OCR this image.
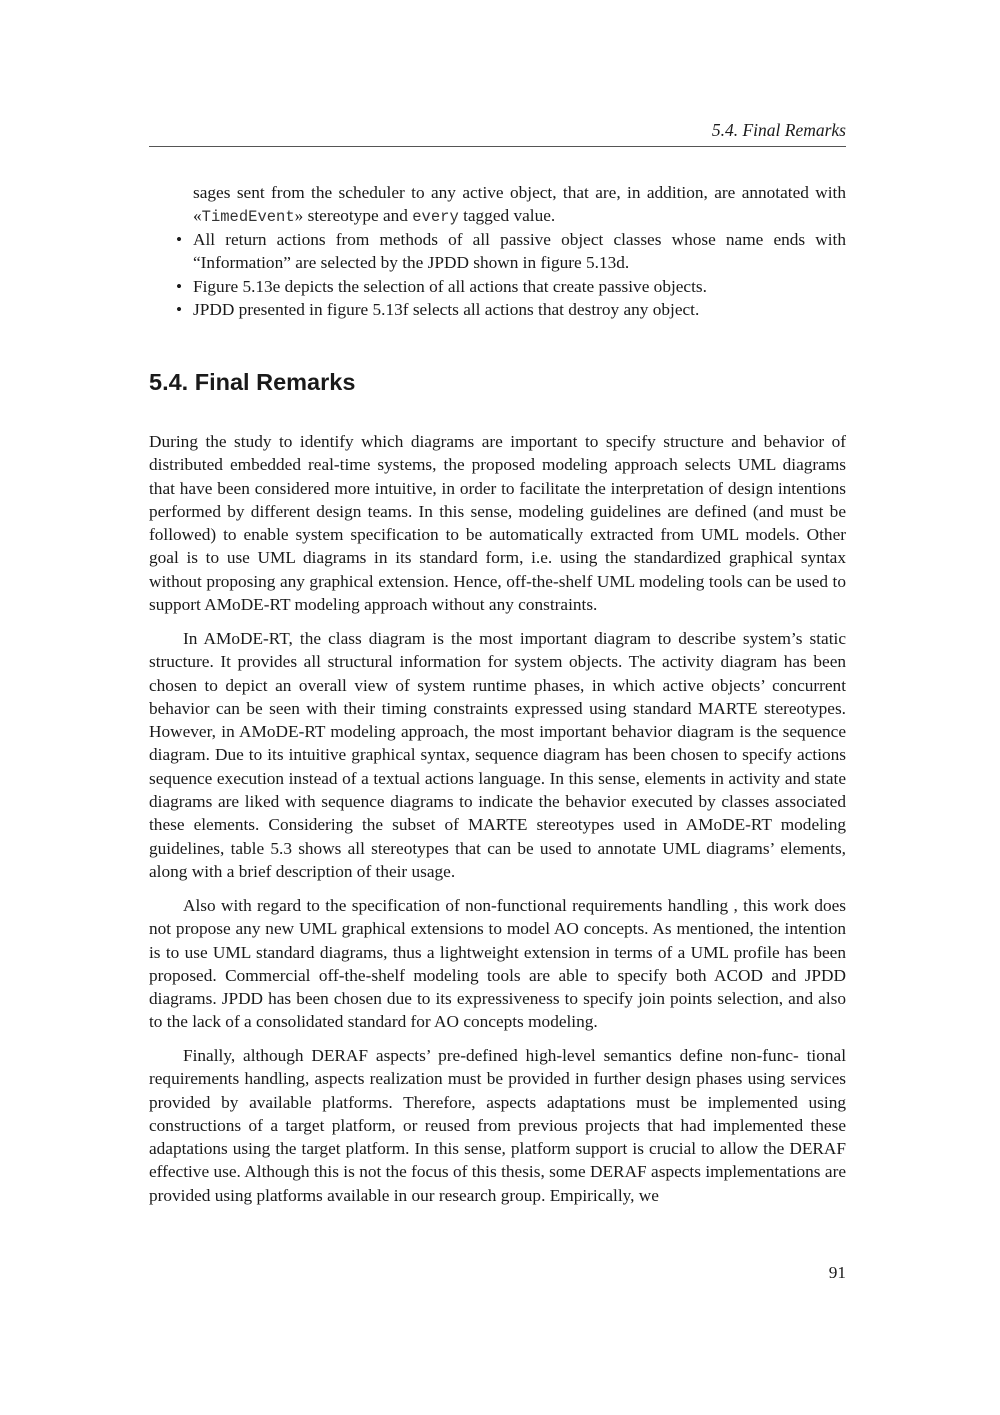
5.4. Final Remarks
sages sent from the scheduler to any active object, that are, in addition, are annotated with «TimedEvent» stereotype and every tagged value.
• All return actions from methods of all passive object classes whose name ends with “Information” are selected by the JPDD shown in figure 5.13d.
• Figure 5.13e depicts the selection of all actions that create passive objects.
• JPDD presented in figure 5.13f selects all actions that destroy any object.
5.4. Final Remarks

During the study to identify which diagrams are important to specify structure and behavior of distributed embedded real-time systems, the proposed modeling approach selects UML diagrams that have been considered more intuitive, in order to facilitate the interpretation of design intentions performed by different design teams. In this sense, modeling guidelines are defined (and must be followed) to enable system specification to be automatically extracted from UML models. Other goal is to use UML diagrams in its standard form, i.e. using the standardized graphical syntax without proposing any graphical extension. Hence, off-the-shelf UML modeling tools can be used to support AMoDE-RT modeling approach without any constraints.

In AMoDE-RT, the class diagram is the most important diagram to describe system’s static structure. It provides all structural information for system objects. The activity diagram has been chosen to depict an overall view of system runtime phases, in which active objects’ concurrent behavior can be seen with their timing constraints expressed using standard MARTE stereotypes. However, in AMoDE-RT modeling approach, the most important behavior diagram is the sequence diagram. Due to its intuitive graphical syntax, sequence diagram has been chosen to specify actions sequence execution instead of a textual actions language. In this sense, elements in activity and state diagrams are liked with sequence diagrams to indicate the behavior executed by classes associated these elements. Considering the subset of MARTE stereotypes used in AMoDE-RT modeling guidelines, table 5.3 shows all stereotypes that can be used to annotate UML diagrams’ elements, along with a brief description of their usage.

Also with regard to the specification of non-functional requirements handling , this work does not propose any new UML graphical extensions to model AO concepts. As mentioned, the intention is to use UML standard diagrams, thus a lightweight extension in terms of a UML profile has been proposed. Commercial off-the-shelf modeling tools are able to specify both ACOD and JPDD diagrams. JPDD has been chosen due to its expressiveness to specify join points selection, and also to the lack of a consolidated standard for AO concepts modeling.

Finally, although DERAF aspects’ pre-defined high-level semantics define non-func- tional requirements handling, aspects realization must be provided in further design phases using services provided by available platforms. Therefore, aspects adaptations must be implemented using constructions of a target platform, or reused from previous projects that had implemented these adaptations using the target platform. In this sense, platform support is crucial to allow the DERAF effective use. Although this is not the focus of this thesis, some DERAF aspects implementations are provided using platforms available in our research group. Empirically, we

91
